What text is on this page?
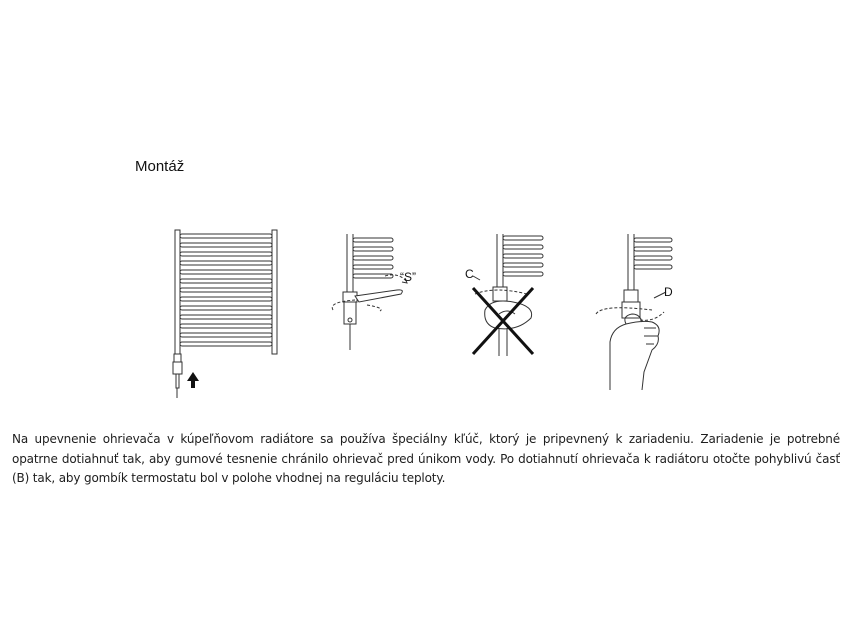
Montáž
“S”	C
D
Na upevnenie ohrievača v kúpeľňovom radiátore sa používa špeciálny kľúč, ktorý je pripevnený k zariadeniu. Zariadenie je potrebné opatrne dotiahnuť tak, aby gumové tesnenie chránilo ohrievač pred únikom vody. Po dotiahnutí ohrievača k radiátoru otočte pohyblivú časť (B) tak, aby gombík termostatu bol v polohe vhodnej na reguláciu teploty.
